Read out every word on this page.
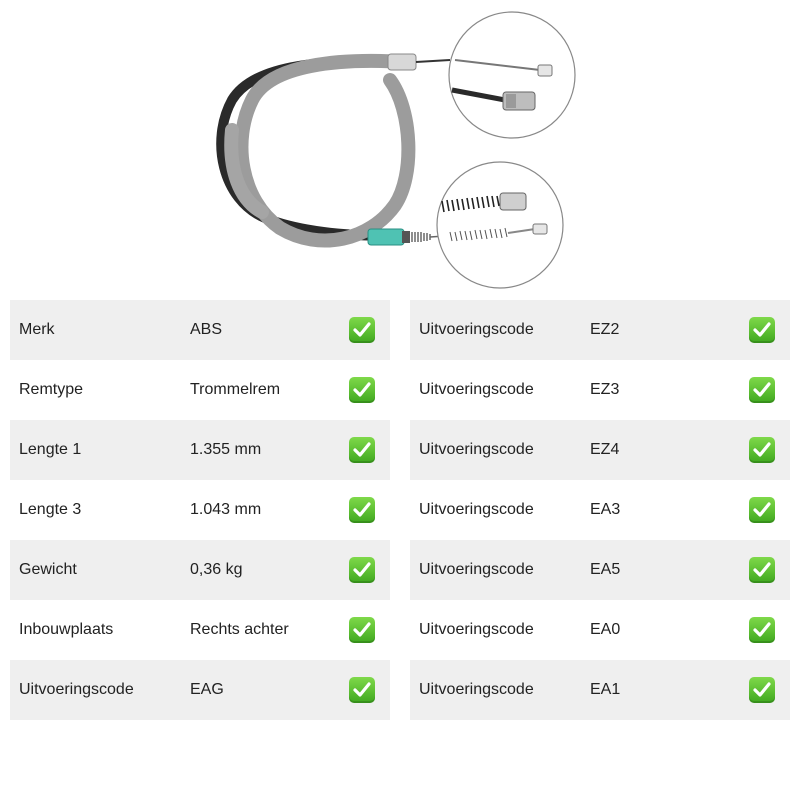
Merk	ABS
Remtype	Trommelrem
Lengte 1	1.355 mm
Lengte 3	1.043 mm
Gewicht	0,36 kg
Inbouwplaats	Rechts achter
Uitvoeringscode	EAG
Uitvoeringscode	EZ2
Uitvoeringscode	EZ3
Uitvoeringscode	EZ4
Uitvoeringscode	EA3
Uitvoeringscode	EA5
Uitvoeringscode	EA0
Uitvoeringscode	EA1
